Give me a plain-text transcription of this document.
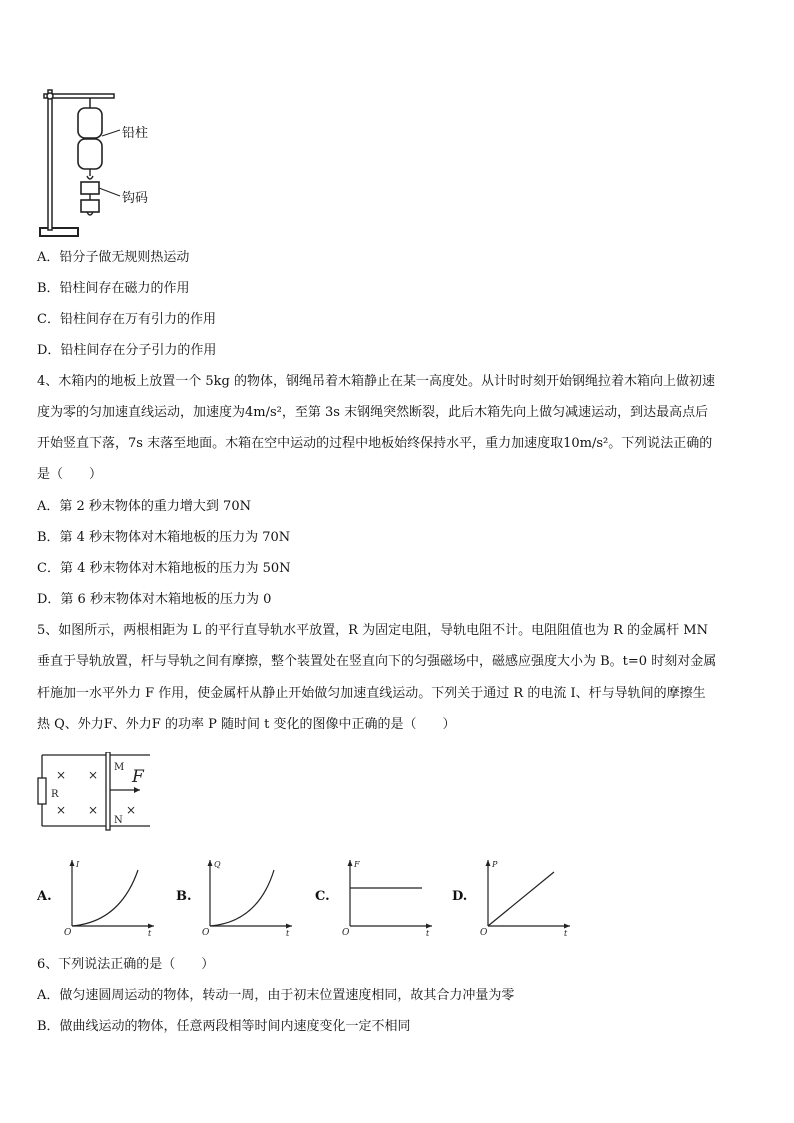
铅柱
钩码
A．铅分子做无规则热运动
B．铅柱间存在磁力的作用
C．铅柱间存在万有引力的作用
D．铅柱间存在分子引力的作用
4、木箱内的地板上放置一个 5kg 的物体，钢绳吊着木箱静止在某一高度处。从计时时刻开始钢绳拉着木箱向上做初速
度为零的匀加速直线运动，加速度为4m/s²，至第 3s 末钢绳突然断裂，此后木箱先向上做匀减速运动，到达最高点后
开始竖直下落，7s 末落至地面。木箱在空中运动的过程中地板始终保持水平，重力加速度取10m/s²。下列说法正确的
是（　　）
A．第 2 秒末物体的重力增大到 70N
B．第 4 秒末物体对木箱地板的压力为 70N
C．第 4 秒末物体对木箱地板的压力为 50N
D．第 6 秒末物体对木箱地板的压力为 0
5、如图所示，两根相距为 L 的平行直导轨水平放置，R 为固定电阻，导轨电阻不计。电阻阻值也为 R 的金属杆 MN
垂直于导轨放置，杆与导轨之间有摩擦，整个装置处在竖直向下的匀强磁场中，磁感应强度大小为 B。t=0 时刻对金属
杆施加一水平外力 F 作用，使金属杆从静止开始做匀加速直线运动。下列关于通过 R 的电流 I、杆与导轨间的摩擦生
热 Q、外力F、外力F 的功率 P 随时间 t 变化的图像中正确的是（　　）
R
× ×
× × ×
M
N
F
A.	B.	C.	D.
I
t
O
Q
t
O
F
t
O
P
t
O
6、下列说法正确的是（　　）
A．做匀速圆周运动的物体，转动一周，由于初末位置速度相同，故其合力冲量为零
B．做曲线运动的物体，任意两段相等时间内速度变化一定不相同
